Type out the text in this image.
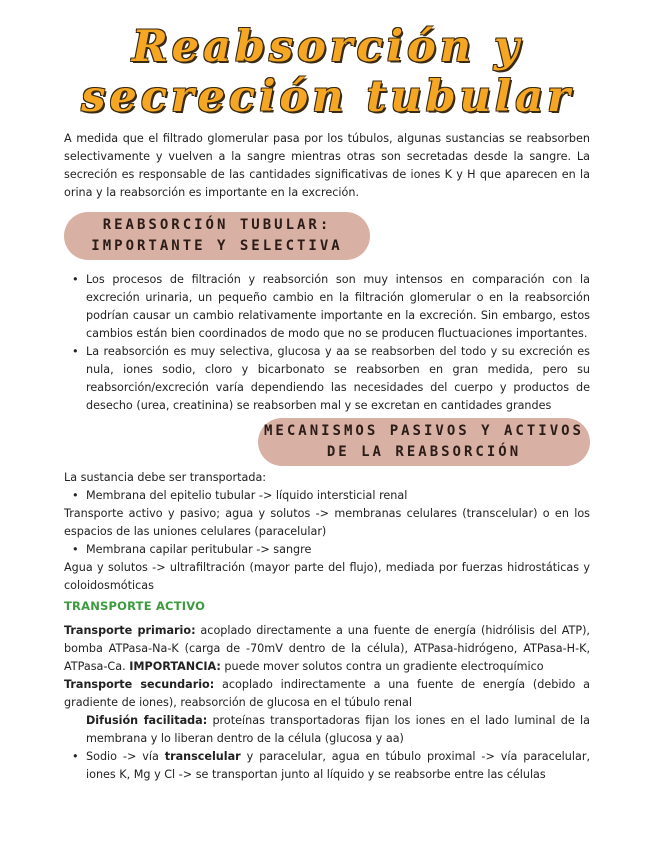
Reabsorción y
secreción tubular

A medida que el filtrado glomerular pasa por los túbulos, algunas sustancias se reabsorben selectivamente y vuelven a la sangre mientras otras son secretadas desde la sangre. La secreción es responsable de las cantidades significativas de iones K y H que aparecen en la orina y la reabsorción es importante en la excreción.

REABSORCIÓN TUBULAR:
IMPORTANTE Y SELECTIVA
• Los procesos de filtración y reabsorción son muy intensos en comparación con la excreción urinaria, un pequeño cambio en la filtración glomerular o en la reabsorción podrían causar un cambio relativamente importante en la excreción. Sin embargo, estos cambios están bien coordinados de modo que no se producen fluctuaciones importantes.
• La reabsorción es muy selectiva, glucosa y aa se reabsorben del todo y su excreción es nula, iones sodio, cloro y bicarbonato se reabsorben en gran medida, pero su reabsorción/excreción varía dependiendo las necesidades del cuerpo y productos de desecho (urea, creatinina) se reabsorben mal y se excretan en cantidades grandes
MECANISMOS PASIVOS Y ACTIVOS
DE LA REABSORCIÓN
La sustancia debe ser transportada:
• Membrana del epitelio tubular -> líquido intersticial renal
Transporte activo y pasivo; agua y solutos -> membranas celulares (transcelular) o en los espacios de las uniones celulares (paracelular)
• Membrana capilar peritubular -> sangre
Agua y solutos -> ultrafiltración (mayor parte del flujo), mediada por fuerzas hidrostáticas y coloidosmóticas
TRANSPORTE ACTIVO
Transporte primario: acoplado directamente a una fuente de energía (hidrólisis del ATP), bomba ATPasa-Na-K (carga de -70mV dentro de la célula), ATPasa-hidrógeno, ATPasa-H-K, ATPasa-Ca. IMPORTANCIA: puede mover solutos contra un gradiente electroquímico
Transporte secundario: acoplado indirectamente a una fuente de energía (debido a gradiente de iones), reabsorción de glucosa en el túbulo renal
Difusión facilitada: proteínas transportadoras fijan los iones en el lado luminal de la membrana y lo liberan dentro de la célula (glucosa y aa)
• Sodio -> vía transcelular y paracelular, agua en túbulo proximal -> vía paracelular, iones K, Mg y Cl -> se transportan junto al líquido y se reabsorbe entre las células
